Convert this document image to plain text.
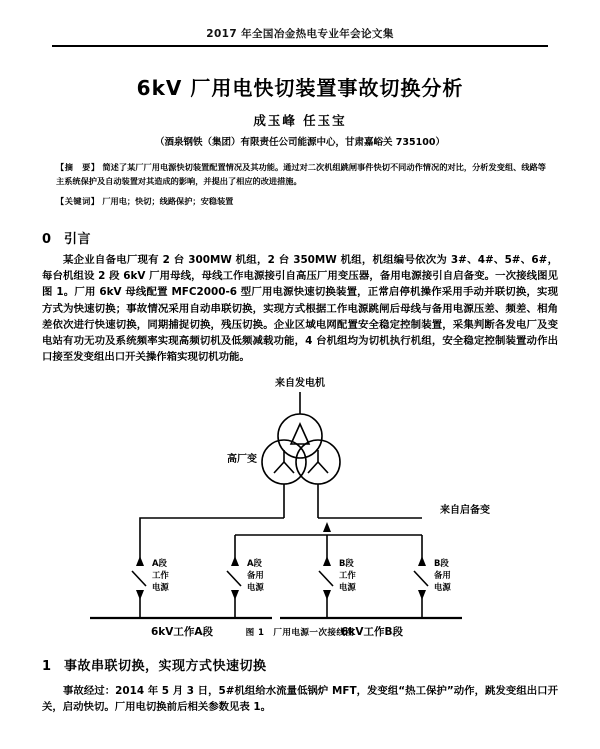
2017 年全国冶金热电专业年会论文集
6kV 厂用电快切装置事故切换分析
成玉峰 任玉宝
（酒泉钢铁（集团）有限责任公司能源中心，甘肃嘉峪关 735100）

【摘　要】 简述了某厂厂用电源快切装置配置情况及其功能。通过对二次机组跳闸事件快切不同动作情况的对比，分析发变组、线路等主系统保护及自动装置对其造成的影响，并提出了相应的改进措施。

【关键词】 厂用电；快切；线路保护；安稳装置
0 引言
某企业自备电厂现有 2 台 300MW 机组，2 台 350MW 机组，机组编号依次为 3#、4#、5#、6#，每台机组设 2 段 6kV 厂用母线，母线工作电源接引自高压厂用变压器，备用电源接引自启备变。一次接线图见图 1。厂用 6kV 母线配置 MFC2000-6 型厂用电源快速切换装置，正常启停机操作采用手动并联切换，实现方式为快速切换；事故情况采用自动串联切换，实现方式根据工作电源跳闸后母线与备用电源压差、频差、相角差依次进行快速切换，同期捕捉切换，残压切换。企业区域电网配置安全稳定控制装置，采集判断各发电厂及变电站有功无功及系统频率实现高频切机及低频减载功能，4 台机组均为切机执行机组，安全稳定控制装置动作出口接至发变组出口开关操作箱实现切机功能。
来自发电机
高厂变
来自启备变
A段
工作
电源
A段
备用
电源
B段
工作
电源
B段
备用
电源
6kV工作A段	6kV工作B段
图 1　厂用电源一次接线图
1 事故串联切换，实现方式快速切换
事故经过：2014 年 5 月 3 日，5#机组给水流量低锅炉 MFT，发变组“热工保护”动作，跳发变组出口开关，启动快切。厂用电切换前后相关参数见表 1。
